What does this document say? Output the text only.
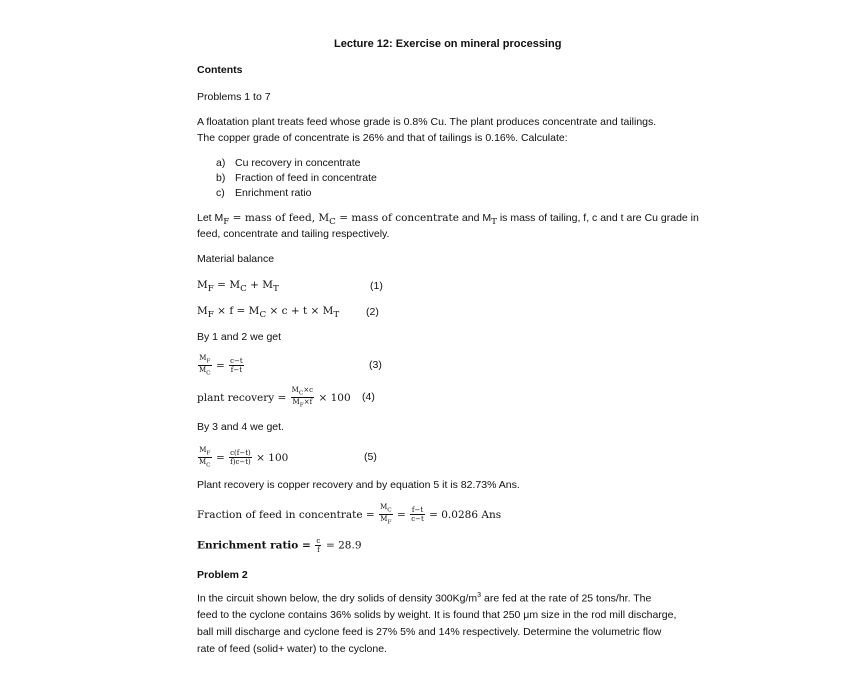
Lecture 12: Exercise on mineral processing
Contents
Problems 1 to 7
A floatation plant treats feed whose grade is 0.8% Cu. The plant produces concentrate and tailings. The copper grade of concentrate is 26% and that of tailings is 0.16%. Calculate:
a) Cu recovery in concentrate
b) Fraction of feed in concentrate
c) Enrichment ratio
Let $M_F$ = mass of feed, $M_C$ = mass of concentrate and $M_T$ is mass of tailing, f, c and t are Cu grade in
feed, concentrate and tailing respectively.
Material balance
$M_F = M_C + M_T$	(1)
$M_F \times f = M_C \times c + t \times M_T$	(2)
By 1 and 2 we get
$\frac{M_F}{M_C} = \frac{c-t}{f-t}$	(3)
plant recovery = $\frac{M_C\times c}{M_F\times f} \times 100$ (4)
By 3 and 4 we get.
$\frac{M_F}{M_C} = \frac{c(f-t)}{f)c-t)} \times 100$	(5)
Plant recovery is copper recovery and by equation 5 it is 82.73% Ans.
Fraction of feed in concentrate = $\frac{M_C}{M_F} = \frac{f-t}{c-t} = 0.0286$ Ans
Enrichment ratio = $\frac{c}{f} = 28.9$
Problem 2
In the circuit shown below, the dry solids of density $300Kg/m^3$ are fed at the rate of 25 tons/hr. The
feed to the cyclone contains 36% solids by weight. It is found that 250 μm size in the rod mill discharge,
ball mill discharge and cyclone feed is 27% 5% and 14% respectively. Determine the volumetric flow
rate of feed (solid+ water) to the cyclone.
